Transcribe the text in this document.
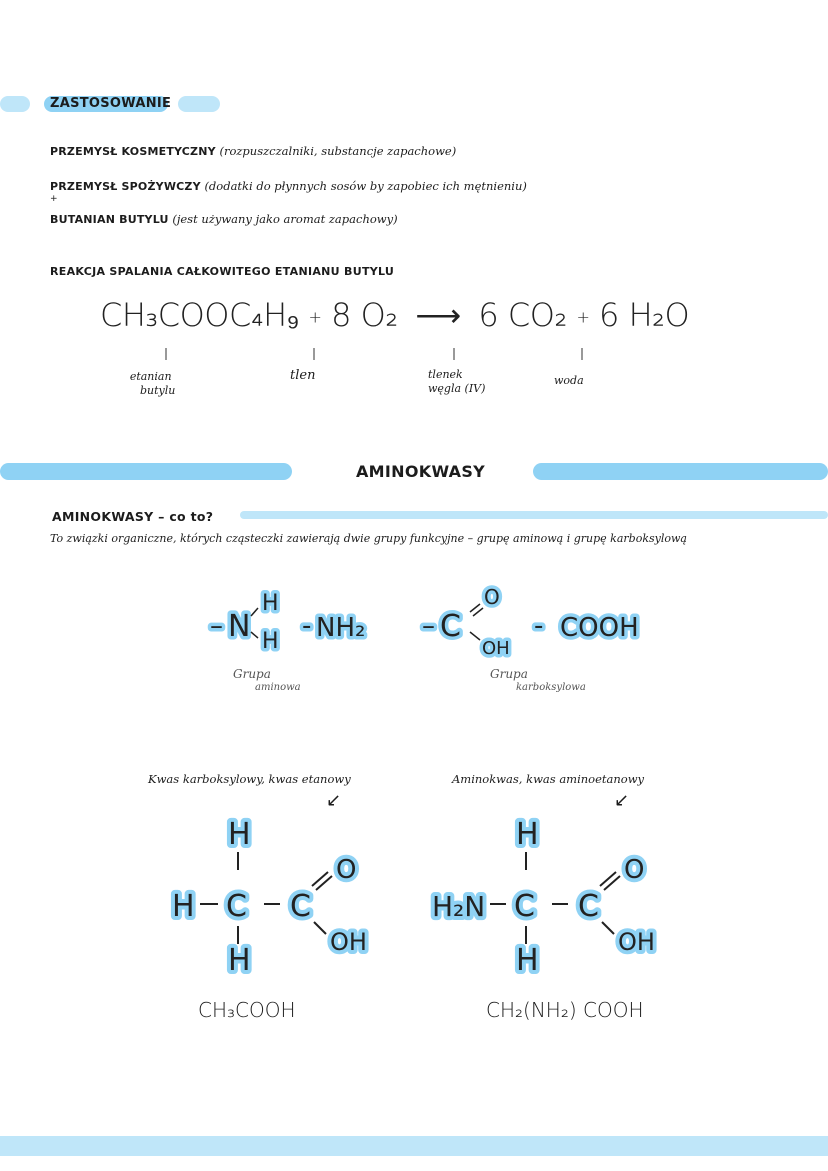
ZASTOSOWANIE
PRZEMYSŁ KOSMETYCZNY (rozpuszczalniki, substancje zapachowe)
PRZEMYSŁ SPOŻYWCZY (dodatki do płynnych sosów by zapobiec ich mętnieniu)
+
BUTANIAN BUTYLU (jest używany jako aromat zapachowy)
REAKCJA SPALANIA CAŁKOWITEGO ETANIANU BUTYLU
CH₃COOC₄H₉ + 8 O₂ ⟶ 6 CO₂ + 6 H₂O
etanian
butylu
tlen	tlenek
węgla (IV)
woda
AMINOKWASY
AMINOKWASY – co to?
To związki organiczne, których cząsteczki zawierają dwie grupy funkcyjne – grupę aminową i grupę karboksylową
– N
H
H
- NH₂ – C
O
OH
- COOH
Grupa
aminowa
Grupa
karboksylowa
Kwas karboksylowy, kwas etanowy
↙
Aminokwas, kwas aminoetanowy
↙
H
H C C
O
OH
H
H
H₂N C C
O
OH
H
CH₃COOH	CH₂(NH₂) COOH
